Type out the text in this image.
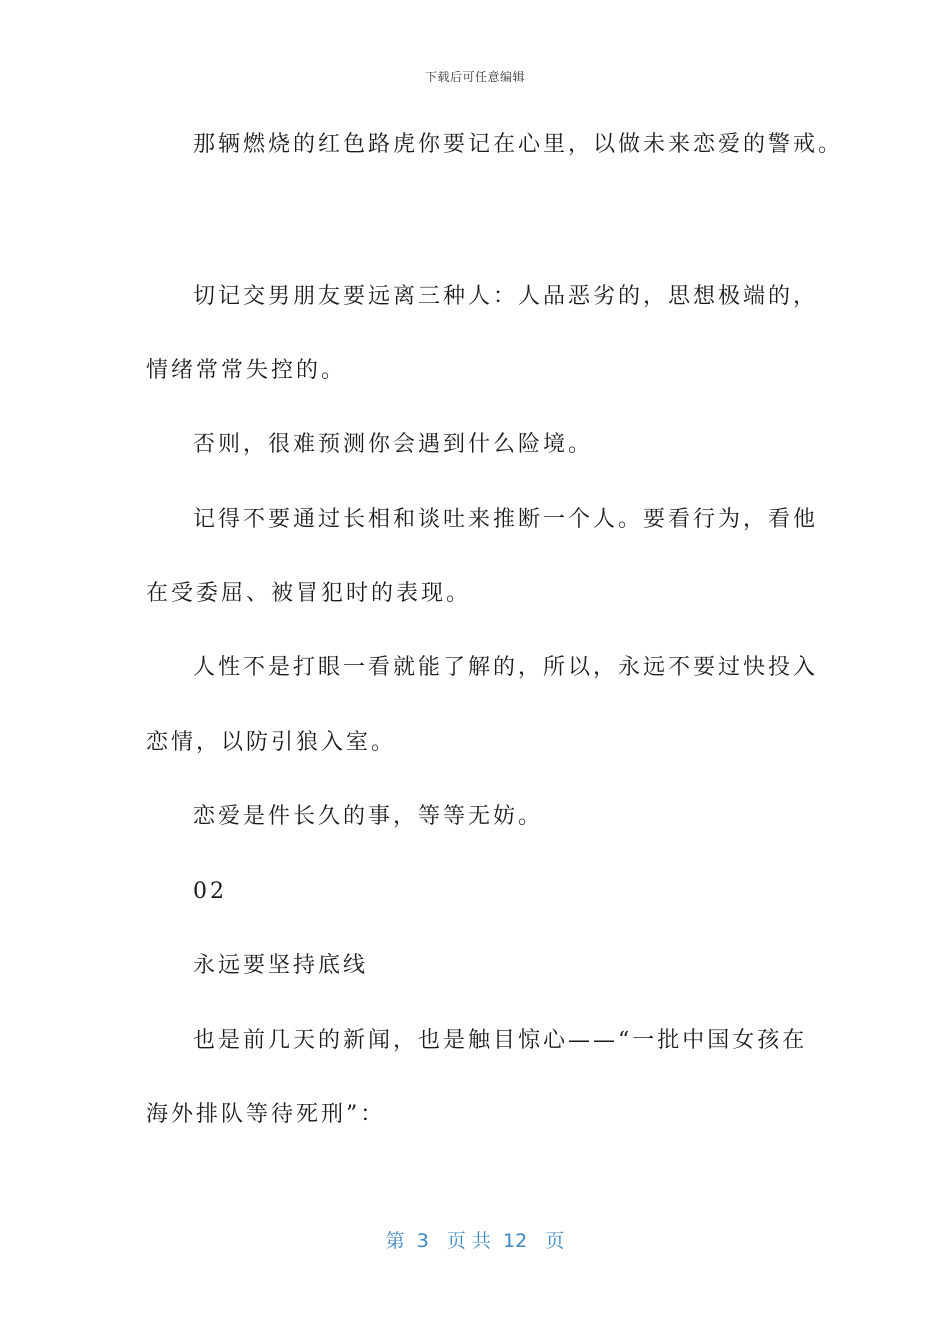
下载后可任意编辑
那辆燃烧的红色路虎你要记在心里，以做未来恋爱的警戒。
切记交男朋友要远离三种人：人品恶劣的，思想极端的，
情绪常常失控的。
否则，很难预测你会遇到什么险境。
记得不要通过长相和谈吐来推断一个人。要看行为，看他
在受委屈、被冒犯时的表现。
人性不是打眼一看就能了解的，所以，永远不要过快投入
恋情，以防引狼入室。
恋爱是件长久的事，等等无妨。
02
永远要坚持底线
也是前几天的新闻，也是触目惊心——“一批中国女孩在
海外排队等待死刑”：
第  3   页 共  12   页
